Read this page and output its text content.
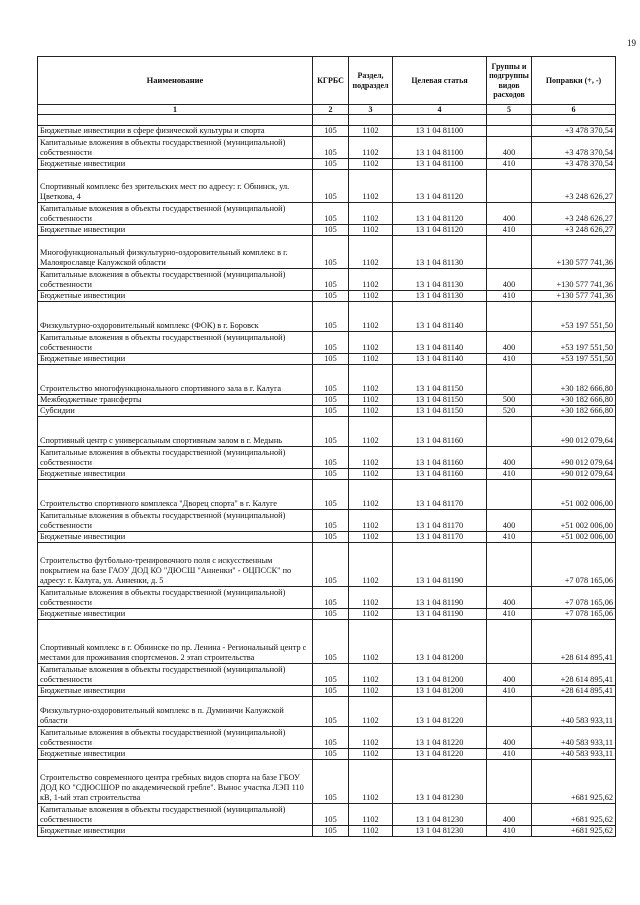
19
Наименование	КГРБС	Раздел, подраздел	Целевая статья	Группы и подгруппы видов расходов	Поправки (+, -)
1	2	3	4	5	6

Бюджетные инвестиции в сфере физической культуры и спорта	105	1102	13 1 04 81100		+3 478 370,54
Капитальные вложения в объекты государственной (муниципальной) собственности	105	1102	13 1 04 81100	400	+3 478 370,54
Бюджетные инвестиции	105	1102	13 1 04 81100	410	+3 478 370,54
Спортивный комплекс без зрительских мест по адресу: г. Обнинск, ул. Цветкова, 4	105	1102	13 1 04 81120		+3 248 626,27
Капитальные вложения в объекты государственной (муниципальной) собственности	105	1102	13 1 04 81120	400	+3 248 626,27
Бюджетные инвестиции	105	1102	13 1 04 81120	410	+3 248 626,27
Многофункциональный физкультурно-оздоровительный комплекс в г. Малоярославце Калужской области	105	1102	13 1 04 81130		+130 577 741,36
Капитальные вложения в объекты государственной (муниципальной) собственности	105	1102	13 1 04 81130	400	+130 577 741,36
Бюджетные инвестиции	105	1102	13 1 04 81130	410	+130 577 741,36
Физкультурно-оздоровительный комплекс (ФОК) в г. Боровск	105	1102	13 1 04 81140		+53 197 551,50
Капитальные вложения в объекты государственной (муниципальной) собственности	105	1102	13 1 04 81140	400	+53 197 551,50
Бюджетные инвестиции	105	1102	13 1 04 81140	410	+53 197 551,50
Строительство многофункционального спортивного зала в г. Калуга	105	1102	13 1 04 81150		+30 182 666,80
Межбюджетные трансферты	105	1102	13 1 04 81150	500	+30 182 666,80
Субсидии	105	1102	13 1 04 81150	520	+30 182 666,80
Спортивный центр с универсальным спортивным залом в г. Медынь	105	1102	13 1 04 81160		+90 012 079,64
Капитальные вложения в объекты государственной (муниципальной) собственности	105	1102	13 1 04 81160	400	+90 012 079,64
Бюджетные инвестиции	105	1102	13 1 04 81160	410	+90 012 079,64
Строительство спортивного комплекса "Дворец спорта" в г. Калуге	105	1102	13 1 04 81170		+51 002 006,00
Капитальные вложения в объекты государственной (муниципальной) собственности	105	1102	13 1 04 81170	400	+51 002 006,00
Бюджетные инвестиции	105	1102	13 1 04 81170	410	+51 002 006,00
Строительство футбольно-тренировочного поля с искусственным покрытием на базе ГАОУ ДОД КО "ДЮСШ "Анненки" - ОЦПССК" по адресу: г. Калуга, ул. Анненки, д. 5	105	1102	13 1 04 81190		+7 078 165,06
Капитальные вложения в объекты государственной (муниципальной) собственности	105	1102	13 1 04 81190	400	+7 078 165,06
Бюджетные инвестиции	105	1102	13 1 04 81190	410	+7 078 165,06
Спортивный комплекс в г. Обнинске по пр. Ленина - Региональный центр с местами для проживания спортсменов. 2 этап строительства	105	1102	13 1 04 81200		+28 614 895,41
Капитальные вложения в объекты государственной (муниципальной) собственности	105	1102	13 1 04 81200	400	+28 614 895,41
Бюджетные инвестиции	105	1102	13 1 04 81200	410	+28 614 895,41
Физкультурно-оздоровительный комплекс в п. Думиничи Калужской области	105	1102	13 1 04 81220		+40 583 933,11
Капитальные вложения в объекты государственной (муниципальной) собственности	105	1102	13 1 04 81220	400	+40 583 933,11
Бюджетные инвестиции	105	1102	13 1 04 81220	410	+40 583 933,11
Строительство современного центра гребных видов спорта на базе ГБОУ ДОД КО "СДЮСШОР по академической гребле". Вынос участка ЛЭП 110 кВ, 1-ый этап строительства	105	1102	13 1 04 81230		+681 925,62
Капитальные вложения в объекты государственной (муниципальной) собственности	105	1102	13 1 04 81230	400	+681 925,62
Бюджетные инвестиции	105	1102	13 1 04 81230	410	+681 925,62
